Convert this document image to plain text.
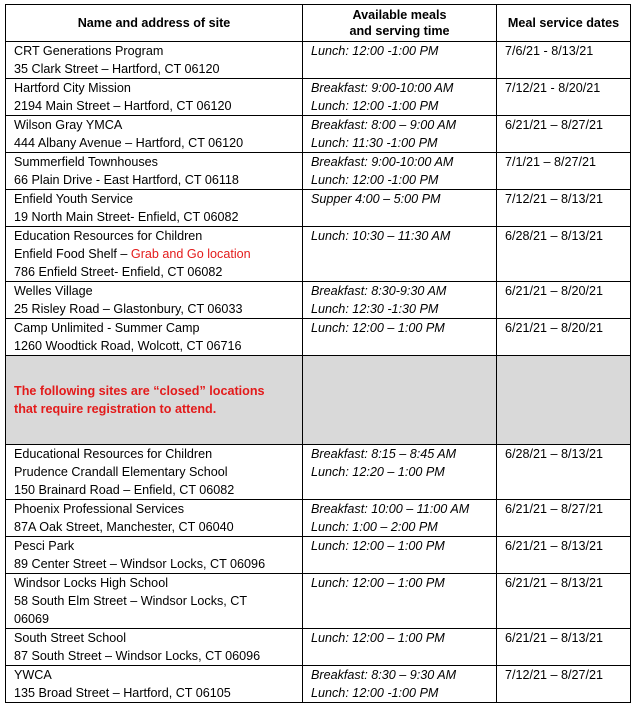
Name and address of site	Available meals
and serving time	Meal service dates

CRT Generations Program
35 Clark Street – Hartford, CT 06120	Lunch: 12:00 -1:00 PM	7/6/21 - 8/13/21

Hartford City Mission
2194 Main Street – Hartford, CT 06120	Breakfast: 9:00-10:00 AM
Lunch: 12:00 -1:00 PM	7/12/21 - 8/20/21

Wilson Gray YMCA
444 Albany Avenue – Hartford, CT 06120	Breakfast: 8:00 – 9:00 AM
Lunch: 11:30 -1:00 PM	6/21/21 – 8/27/21

Summerfield Townhouses
66 Plain Drive - East Hartford, CT 06118	Breakfast: 9:00-10:00 AM
Lunch: 12:00 -1:00 PM	7/1/21 – 8/27/21

Enfield Youth Service
19 North Main Street- Enfield, CT 06082	Supper 4:00 – 5:00 PM	7/12/21 – 8/13/21

Education Resources for Children
Enfield Food Shelf – Grab and Go location
786 Enfield Street- Enfield, CT 06082	Lunch: 10:30 – 11:30 AM	6/28/21 – 8/13/21

Welles Village
25 Risley Road – Glastonbury, CT 06033	Breakfast: 8:30-9:30 AM
Lunch: 12:30 -1:30 PM	6/21/21 – 8/20/21

Camp Unlimited - Summer Camp
1260 Woodtick Road, Wolcott, CT 06716	Lunch: 12:00 – 1:00 PM	6/21/21 – 8/20/21

The following sites are “closed” locations
that require registration to attend.		

Educational Resources for Children
Prudence Crandall Elementary School
150 Brainard Road – Enfield, CT 06082	Breakfast: 8:15 – 8:45 AM
Lunch: 12:20 – 1:00 PM	6/28/21 – 8/13/21

Phoenix Professional Services
87A Oak Street, Manchester, CT 06040	Breakfast: 10:00 – 11:00 AM
Lunch: 1:00 – 2:00 PM	6/21/21 – 8/27/21

Pesci Park
89 Center Street – Windsor Locks, CT 06096	Lunch: 12:00 – 1:00 PM	6/21/21 – 8/13/21

Windsor Locks High School
58 South Elm Street – Windsor Locks, CT
06069	Lunch: 12:00 – 1:00 PM	6/21/21 – 8/13/21

South Street School
87 South Street – Windsor Locks, CT 06096	Lunch: 12:00 – 1:00 PM	6/21/21 – 8/13/21

YWCA
135 Broad Street – Hartford, CT 06105	Breakfast: 8:30 – 9:30 AM
Lunch: 12:00 -1:00 PM	7/12/21 – 8/27/21
